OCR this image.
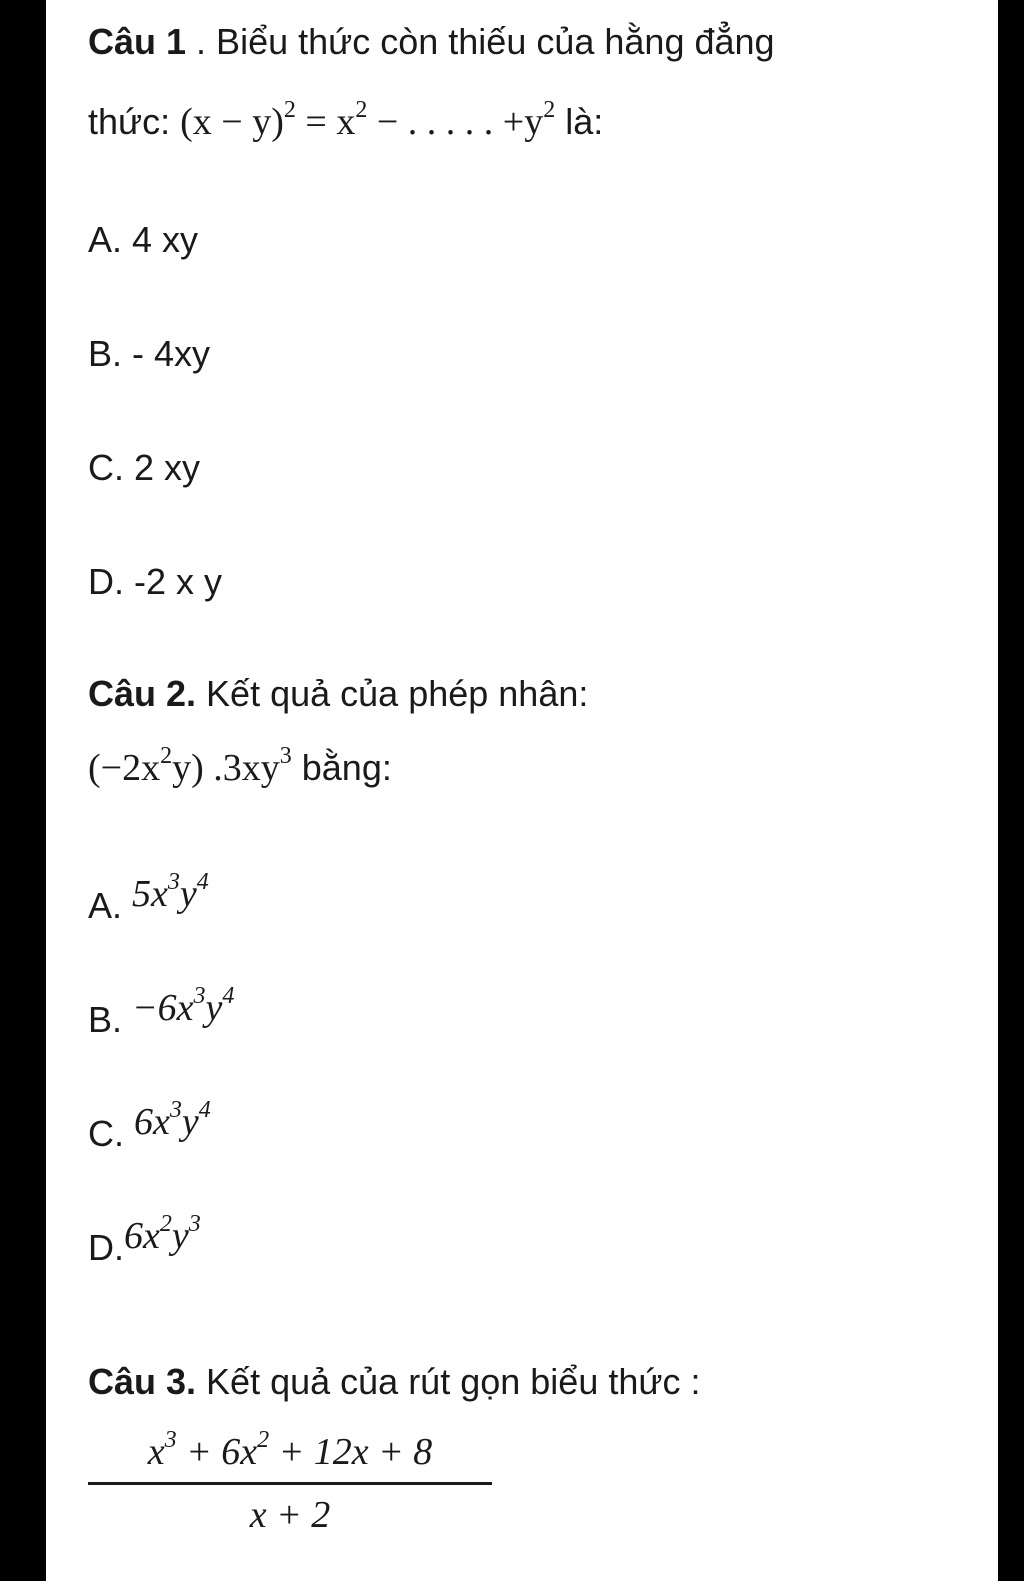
Câu 1 . Biểu thức còn thiếu của hằng đẳng
thức: $(x - y)^2 = x^2$ − . . . . . $+y^2$ là:
A. 4 xy
B. - 4xy
C. 2 xy
D. -2 x y
Câu 2. Kết quả của phép nhân:
$(-2x^2y)$ $.3xy^3$ bằng:
A. $5x^3y^4$
B. $-6x^3y^4$
C. $6x^3y^4$
$D.6x^2y^3$
Câu 3. Kết quả của rút gọn biểu thức :
$\frac{x^3 + 6x^2 + 12x + 8}{x + 2}$
